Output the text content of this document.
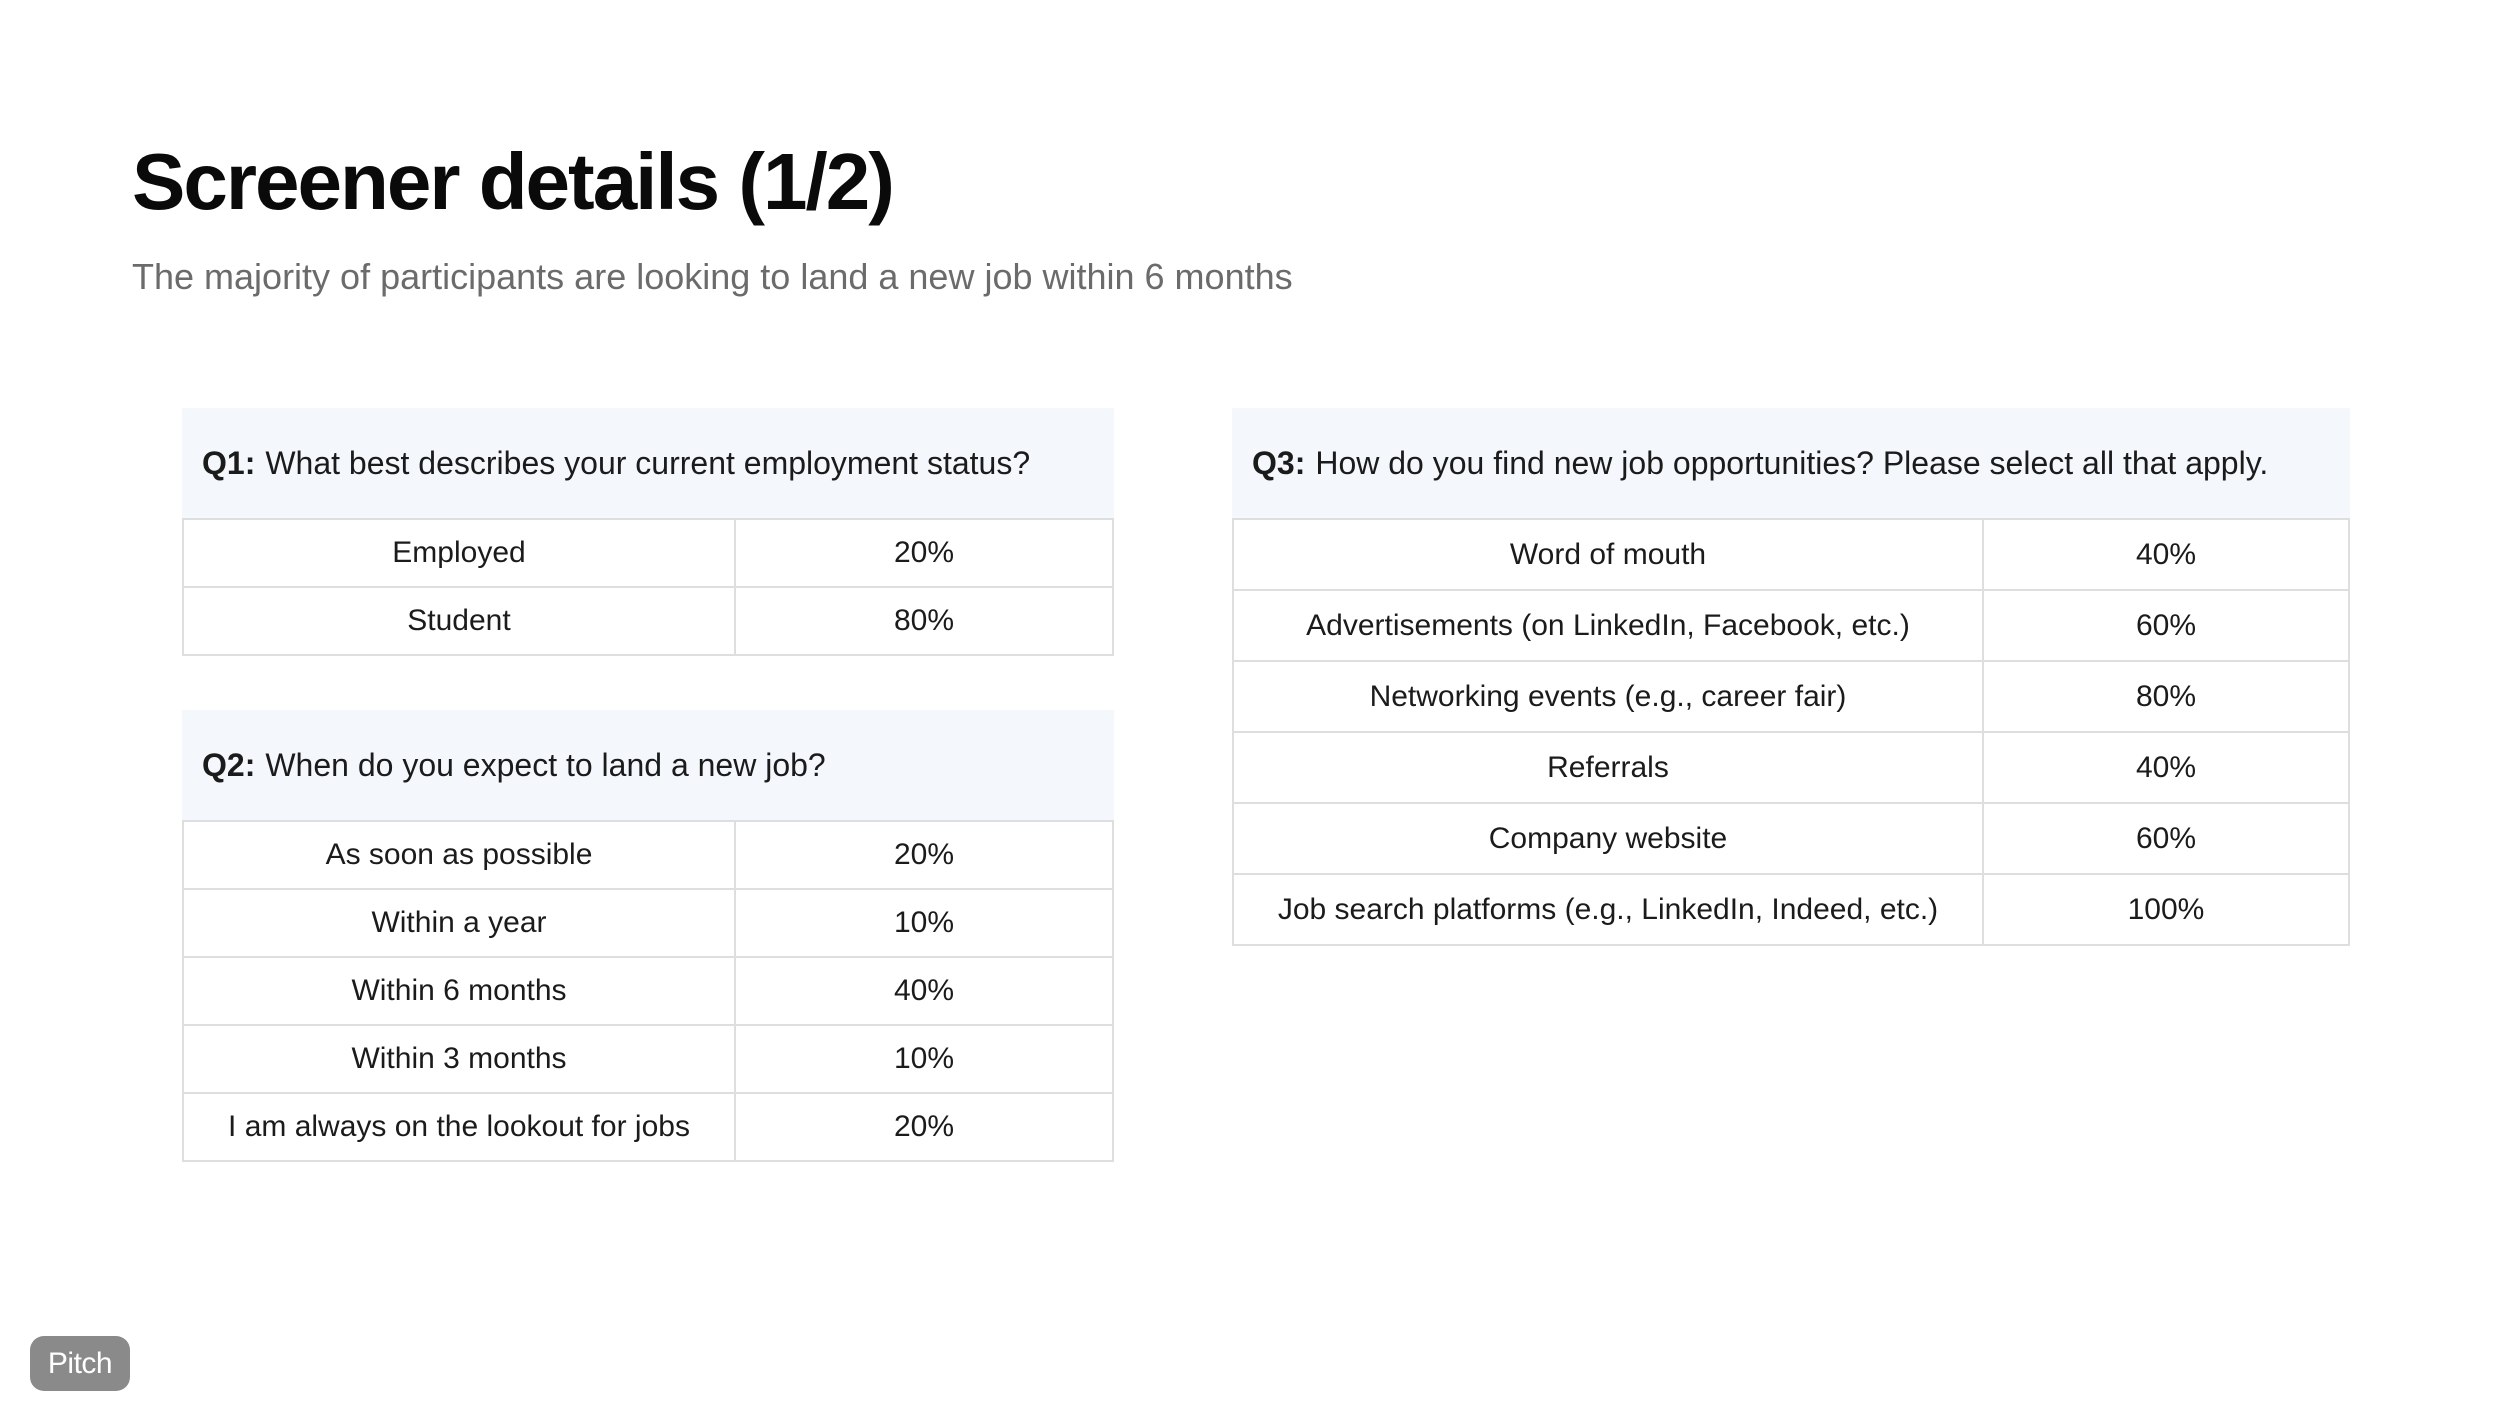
Screener details (1/2)

The majority of participants are looking to land a new job within 6 months

Q1: What best describes your current employment status?
Employed	20%
Student	80%
Q2: When do you expect to land a new job?
As soon as possible	20%
Within a year	10%
Within 6 months	40%
Within 3 months	10%
I am always on the lookout for jobs	20%
Q3: How do you find new job opportunities? Please select all that apply.
Word of mouth	40%
Advertisements (on LinkedIn, Facebook, etc.)	60%
Networking events (e.g., career fair)	80%
Referrals	40%
Company website	60%
Job search platforms (e.g., LinkedIn, Indeed, etc.)	100%
Pitch
